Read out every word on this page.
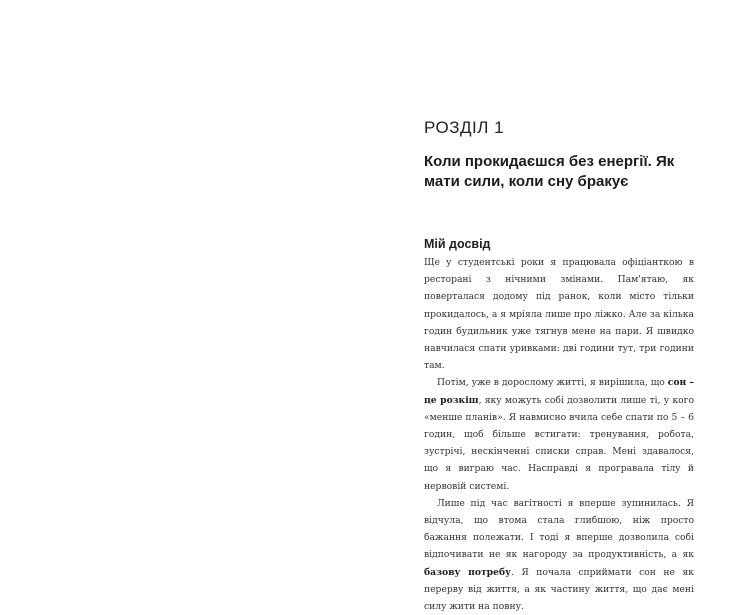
РОЗДІЛ 1
Коли прокидаєшся без енергії. Як мати сили, коли сну бракує
Мій досвід

Ще у студентські роки я працювала офіціанткою в ресторані з нічними змінами. Пам'ятаю, як поверталася додому під ранок, коли місто тільки прокидалось, а я мріяла лише про ліжко. Але за кілька годин будильник уже тягнув мене на пари. Я швидко навчилася спати уривками: дві години тут, три години там.

Потім, уже в дорослому житті, я вирішила, що сон – це розкіш, яку можуть собі дозволити лише ті, у кого «менше планів». Я навмисно вчила себе спати по 5 – 6 годин, щоб більше встигати: тренування, робота, зустрічі, нескінченні списки справ. Мені здавалося, що я виграю час. Насправді я програвала тілу й нервовій системі.

Лише під час вагітності я вперше зупинилась. Я відчула, що втома стала глибшою, ніж просто бажання полежати. І тоді я вперше дозволила собі відпочивати не як нагороду за продуктивність, а як базову потребу. Я почала сприймати сон не як перерву від життя, а як частину життя, що дає мені силу жити на повну.
